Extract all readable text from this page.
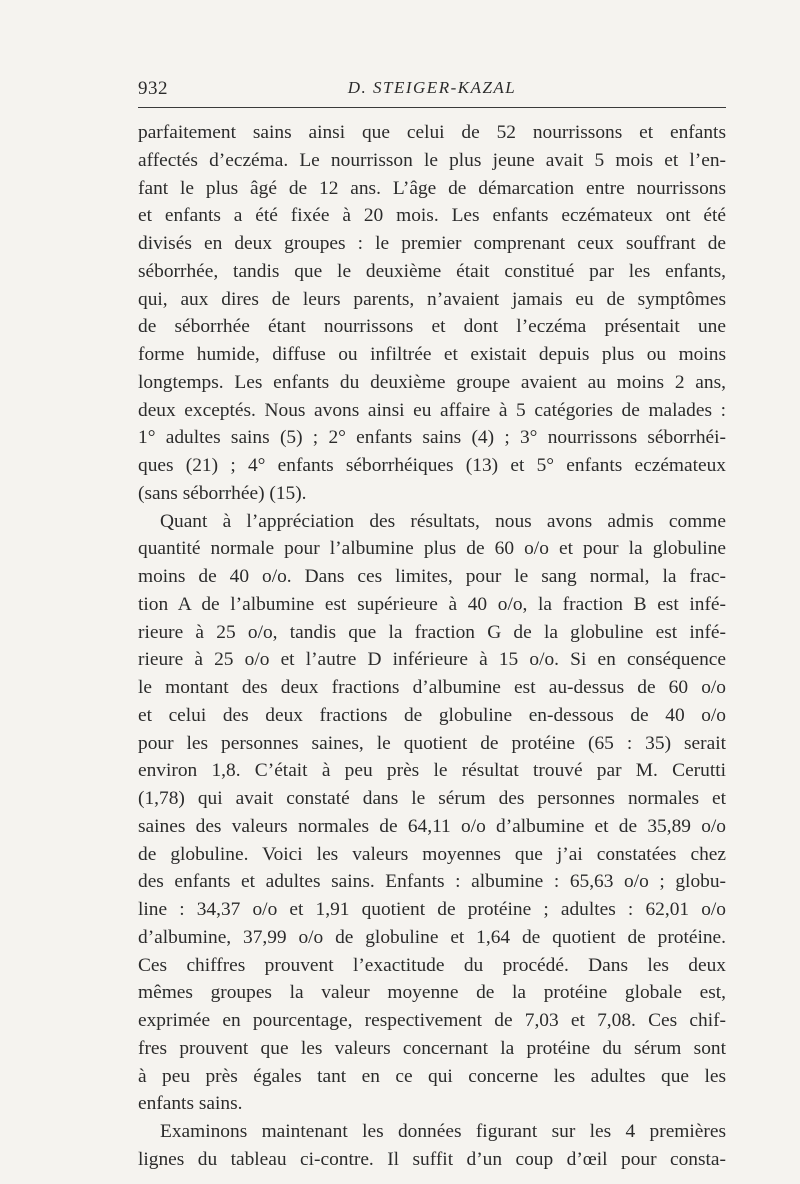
932	D. STEIGER-KAZAL
parfaitement sains ainsi que celui de 52 nourrissons et enfants
affectés d’eczéma. Le nourrisson le plus jeune avait 5 mois et l’en-
fant le plus âgé de 12 ans. L’âge de démarcation entre nourrissons
et enfants a été fixée à 20 mois. Les enfants eczémateux ont été
divisés en deux groupes : le premier comprenant ceux souffrant de
séborrhée, tandis que le deuxième était constitué par les enfants,
qui, aux dires de leurs parents, n’avaient jamais eu de symptômes
de séborrhée étant nourrissons et dont l’eczéma présentait une
forme humide, diffuse ou infiltrée et existait depuis plus ou moins
longtemps. Les enfants du deuxième groupe avaient au moins 2 ans,
deux exceptés. Nous avons ainsi eu affaire à 5 catégories de malades :
1° adultes sains (5) ; 2° enfants sains (4) ; 3° nourrissons séborrhéi-
ques (21) ; 4° enfants séborrhéiques (13) et 5° enfants eczémateux
(sans séborrhée) (15).
Quant à l’appréciation des résultats, nous avons admis comme
quantité normale pour l’albumine plus de 60 o/o et pour la globuline
moins de 40 o/o. Dans ces limites, pour le sang normal, la frac-
tion A de l’albumine est supérieure à 40 o/o, la fraction B est infé-
rieure à 25 o/o, tandis que la fraction G de la globuline est infé-
rieure à 25 o/o et l’autre D inférieure à 15 o/o. Si en conséquence
le montant des deux fractions d’albumine est au-dessus de 60 o/o
et celui des deux fractions de globuline en-dessous de 40 o/o
pour les personnes saines, le quotient de protéine (65 : 35) serait
environ 1,8. C’était à peu près le résultat trouvé par M. Cerutti
(1,78) qui avait constaté dans le sérum des personnes normales et
saines des valeurs normales de 64,11 o/o d’albumine et de 35,89 o/o
de globuline. Voici les valeurs moyennes que j’ai constatées chez
des enfants et adultes sains. Enfants : albumine : 65,63 o/o ; globu-
line : 34,37 o/o et 1,91 quotient de protéine ; adultes : 62,01 o/o
d’albumine, 37,99 o/o de globuline et 1,64 de quotient de protéine.
Ces chiffres prouvent l’exactitude du procédé. Dans les deux
mêmes groupes la valeur moyenne de la protéine globale est,
exprimée en pourcentage, respectivement de 7,03 et 7,08. Ces chif-
fres prouvent que les valeurs concernant la protéine du sérum sont
à peu près égales tant en ce qui concerne les adultes que les
enfants sains.
Examinons maintenant les données figurant sur les 4 premières
lignes du tableau ci-contre. Il suffit d’un coup d’œil pour consta-
